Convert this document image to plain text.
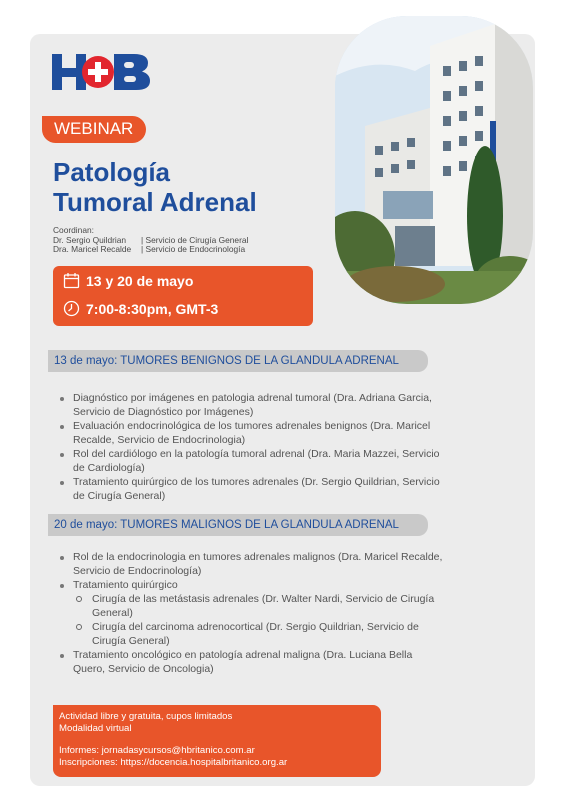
WEBINAR
Patología
Tumoral Adrenal
Coordinan:
Dr. Sergio Quildrian | Servicio de Cirugía General
Dra. Maricel Recalde | Servicio de Endocrinología
13 y 20 de mayo
7:00-8:30pm, GMT-3
13 de mayo: TUMORES BENIGNOS DE LA GLANDULA ADRENAL
Diagnóstico por imágenes en patologia adrenal tumoral (Dra. Adriana Garcia,
Servicio de Diagnóstico por Imágenes)
Evaluación endocrinológica de los tumores adrenales benignos (Dra. Maricel
Recalde, Servicio de Endocrinologia)
Rol del cardiólogo en la patología tumoral adrenal (Dra. Maria Mazzei, Servicio
de Cardiología)
Tratamiento quirúrgico de los tumores adrenales (Dr. Sergio Quildrian, Servicio
de Cirugía General)
20 de mayo: TUMORES MALIGNOS DE LA GLANDULA ADRENAL
Rol de la endocrinologia en tumores adrenales malignos (Dra. Maricel Recalde,
Servicio de Endocrinología)
Tratamiento quirúrgico
Cirugía de las metástasis adrenales (Dr. Walter Nardi, Servicio de Cirugía
General)
Cirugía del carcinoma adrenocortical (Dr. Sergio Quildrian, Servicio de
Cirugía General)
Tratamiento oncológico en patología adrenal maligna (Dra. Luciana Bella
Quero, Servicio de Oncologia)
Actividad libre y gratuita, cupos limitados
Modalidad virtual
Informes: jornadasycursos@hbritanico.com.ar
Inscripciones: https://docencia.hospitalbritanico.org.ar
